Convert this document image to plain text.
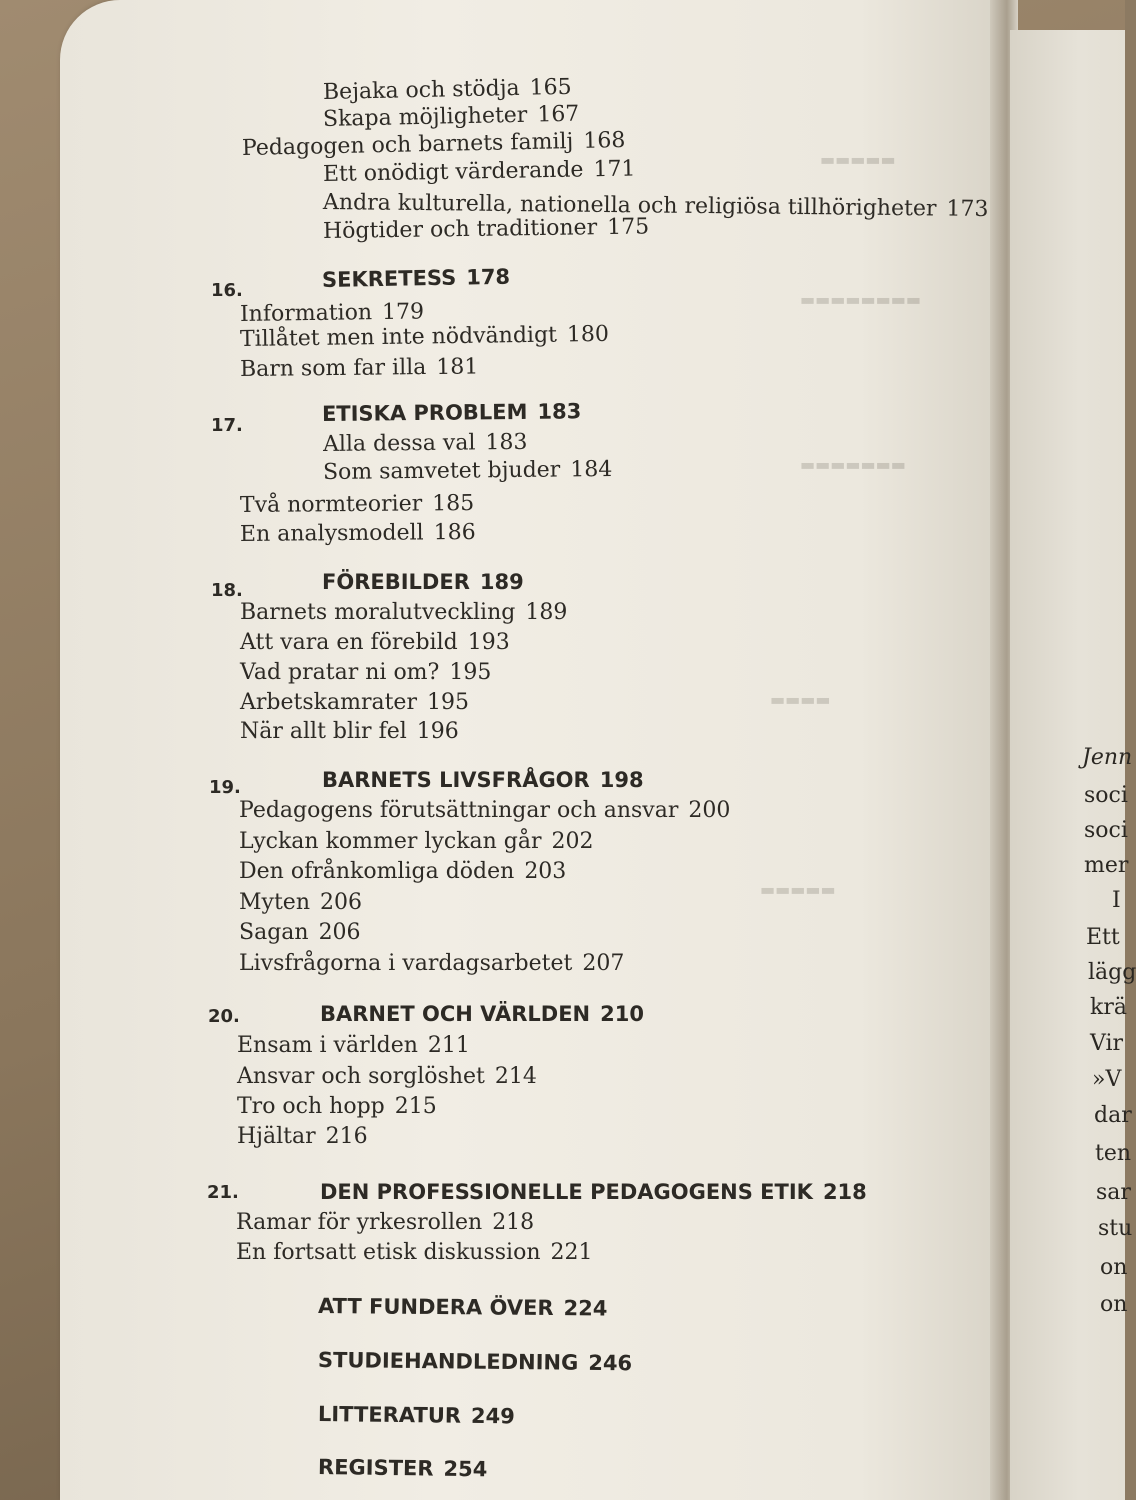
▬▬▬▬▬
▬▬▬▬▬▬▬▬
▬▬▬▬▬▬▬
▬▬▬▬
▬▬▬▬▬
Bejaka och stödja 165
Skapa möjligheter 167
Pedagogen och barnets familj 168
Ett onödigt värderande 171
Andra kulturella, nationella och religiösa tillhörigheter 173
Högtider och traditioner 175
16.	SEKRETESS 178
Information 179
Tillåtet men inte nödvändigt 180
Barn som far illa 181
17.	ETISKA PROBLEM 183
Alla dessa val 183
Som samvetet bjuder 184
Två normteorier 185
En analysmodell 186
18.	FÖREBILDER 189
Barnets moralutveckling 189
Att vara en förebild 193
Vad pratar ni om? 195
Arbetskamrater 195
När allt blir fel 196
19.	BARNETS LIVSFRÅGOR 198
Pedagogens förutsättningar och ansvar 200
Lyckan kommer lyckan går 202
Den ofrånkomliga döden 203
Myten 206
Sagan 206
Livsfrågorna i vardagsarbetet 207
20.	BARNET OCH VÄRLDEN 210
Ensam i världen 211
Ansvar och sorglöshet 214
Tro och hopp 215
Hjältar 216
21.	DEN PROFESSIONELLE PEDAGOGENS ETIK 218
Ramar för yrkesrollen 218
En fortsatt etisk diskussion 221
ATT FUNDERA ÖVER 224
STUDIEHANDLEDNING 246
LITTERATUR 249
REGISTER 254
Jenn
soci
soci
mer
I
Ett
lägg
krä
Vir
»V
dar
ten
sar
stu
on
on
